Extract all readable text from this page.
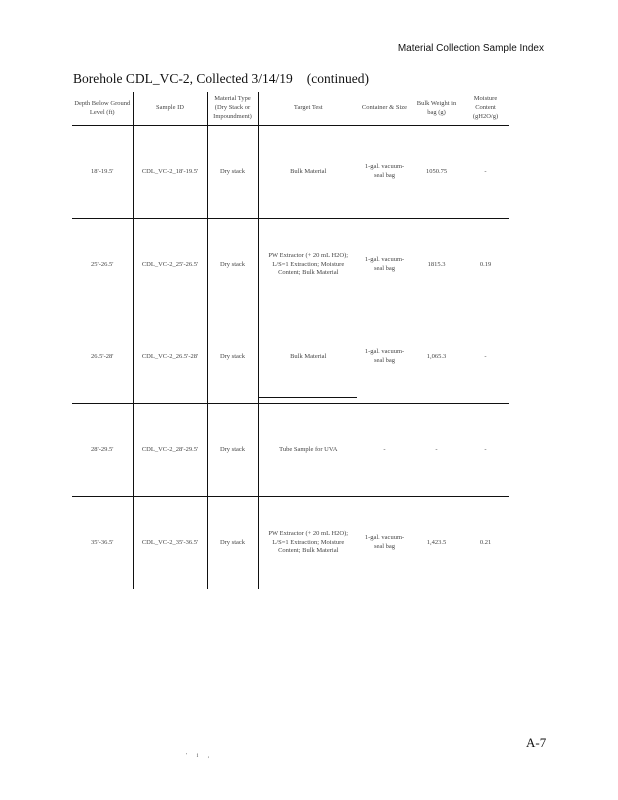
Material Collection Sample Index
Borehole CDL_VC-2, Collected 3/14/19 (continued)
Depth Below Ground Level (ft)	Sample ID	Material Type (Dry Stack or Impoundment)	Target Test	Container & Size	Bulk Weight in bag (g)	Moisture Content (gH2O/g)
18'-19.5'	CDL_VC-2_18'-19.5'	Dry stack	Bulk Material	1-gal. vacuum-seal bag	1050.75	-
25'-26.5'	CDL_VC-2_25'-26.5'	Dry stack	PW Extractor (+ 20 mL H2O); L/S=1 Extraction; Moisture Content; Bulk Material	1-gal. vacuum-seal bag	1815.3	0.19
26.5'-28'	CDL_VC-2_26.5'-28'	Dry stack	Bulk Material	1-gal. vacuum-seal bag	1,065.3	-
28'-29.5'	CDL_VC-2_28'-29.5'	Dry stack	Tube Sample for UVA	-	-	-
35'-36.5'	CDL_VC-2_35'-36.5'	Dry stack	PW Extractor (+ 20 mL H2O); L/S=1 Extraction; Moisture Content; Bulk Material	1-gal. vacuum-seal bag	1,423.5	0.21
A-7
' i ,
